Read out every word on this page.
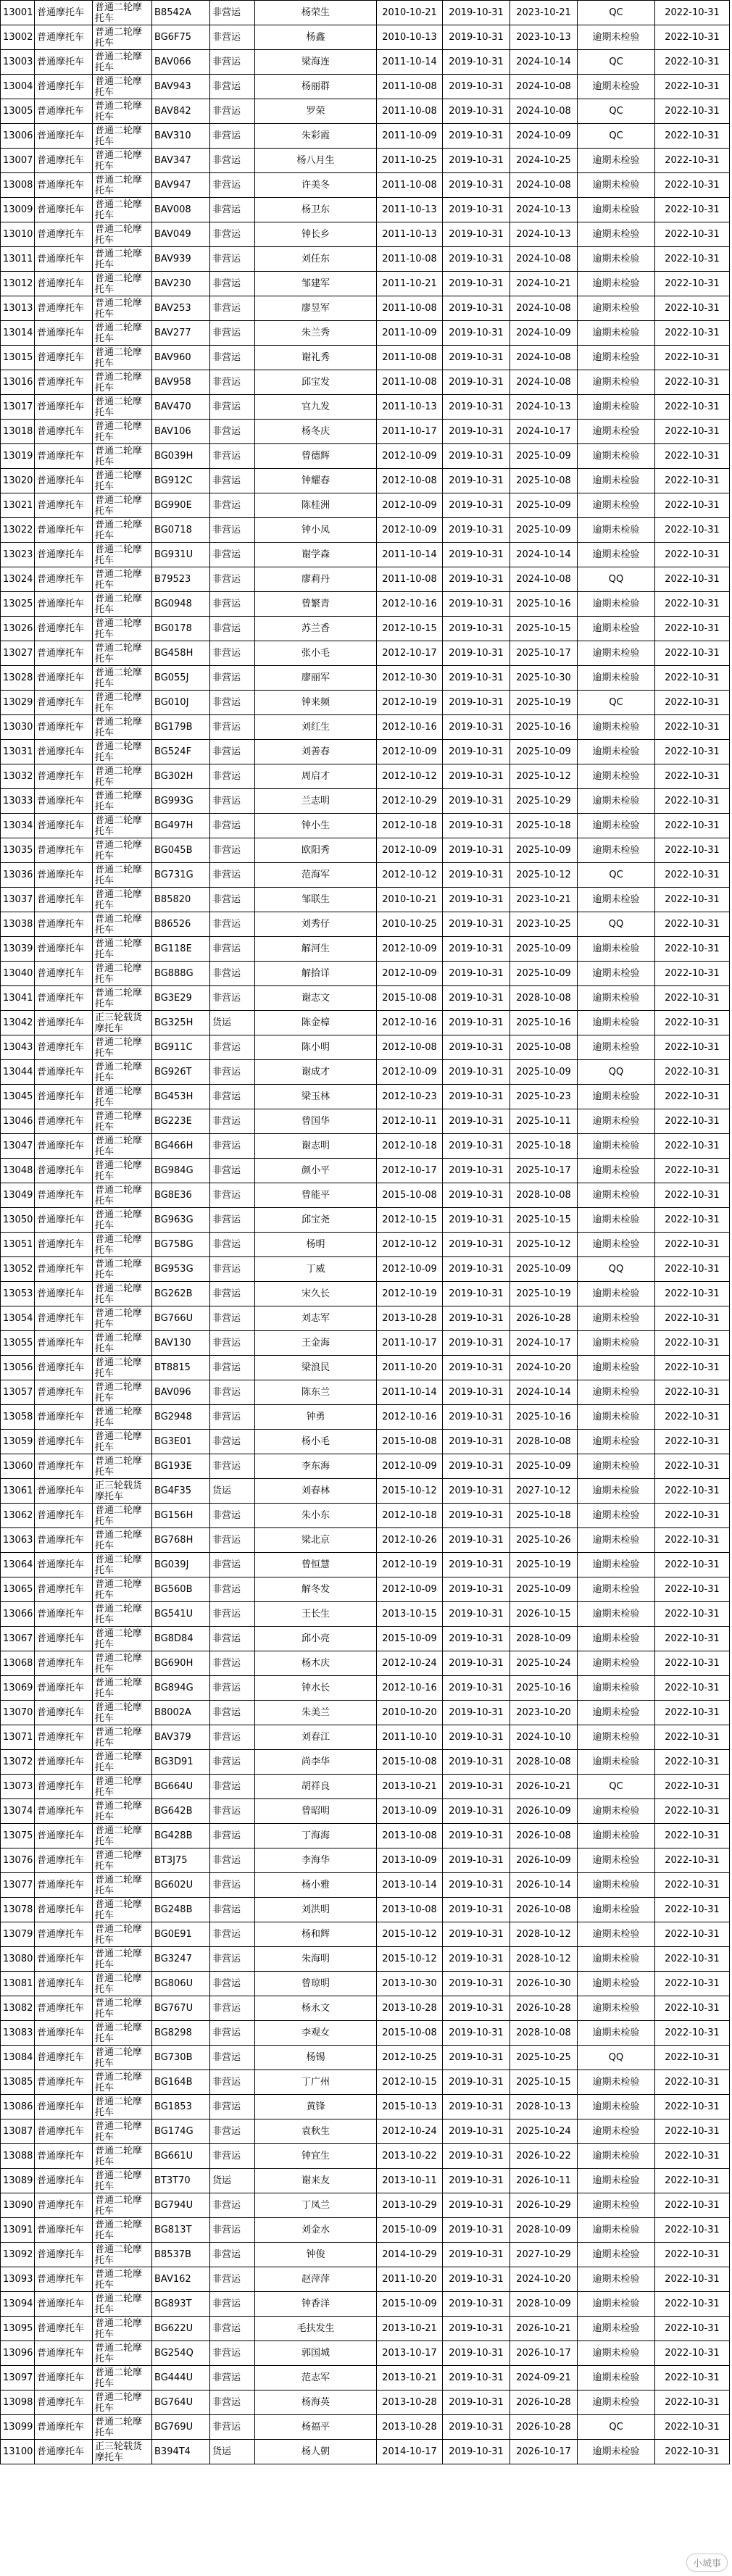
13001	普通摩托车	普通二轮摩托车	B8542A	非营运	杨荣生	2010-10-21	2019-10-31	2023-10-21	QC	2022-10-31
13002	普通摩托车	普通二轮摩托车	BG6F75	非营运	杨鑫	2010-10-13	2019-10-31	2023-10-13	逾期未检验	2022-10-31
13003	普通摩托车	普通二轮摩托车	BAV066	非营运	梁海连	2011-10-14	2019-10-31	2024-10-14	QC	2022-10-31
13004	普通摩托车	普通二轮摩托车	BAV943	非营运	杨丽群	2011-10-08	2019-10-31	2024-10-08	逾期未检验	2022-10-31
13005	普通摩托车	普通二轮摩托车	BAV842	非营运	罗荣	2011-10-08	2019-10-31	2024-10-08	QC	2022-10-31
13006	普通摩托车	普通二轮摩托车	BAV310	非营运	朱彩霞	2011-10-09	2019-10-31	2024-10-09	QC	2022-10-31
13007	普通摩托车	普通二轮摩托车	BAV347	非营运	杨八月生	2011-10-25	2019-10-31	2024-10-25	逾期未检验	2022-10-31
13008	普通摩托车	普通二轮摩托车	BAV947	非营运	许美冬	2011-10-08	2019-10-31	2024-10-08	逾期未检验	2022-10-31
13009	普通摩托车	普通二轮摩托车	BAV008	非营运	杨卫东	2011-10-13	2019-10-31	2024-10-13	逾期未检验	2022-10-31
13010	普通摩托车	普通二轮摩托车	BAV049	非营运	钟长乡	2011-10-13	2019-10-31	2024-10-13	逾期未检验	2022-10-31
13011	普通摩托车	普通二轮摩托车	BAV939	非营运	刘任东	2011-10-08	2019-10-31	2024-10-08	逾期未检验	2022-10-31
13012	普通摩托车	普通二轮摩托车	BAV230	非营运	邹建军	2011-10-21	2019-10-31	2024-10-21	逾期未检验	2022-10-31
13013	普通摩托车	普通二轮摩托车	BAV253	非营运	廖昱军	2011-10-08	2019-10-31	2024-10-08	逾期未检验	2022-10-31
13014	普通摩托车	普通二轮摩托车	BAV277	非营运	朱兰秀	2011-10-09	2019-10-31	2024-10-09	逾期未检验	2022-10-31
13015	普通摩托车	普通二轮摩托车	BAV960	非营运	谢礼秀	2011-10-08	2019-10-31	2024-10-08	逾期未检验	2022-10-31
13016	普通摩托车	普通二轮摩托车	BAV958	非营运	邱宝发	2011-10-08	2019-10-31	2024-10-08	逾期未检验	2022-10-31
13017	普通摩托车	普通二轮摩托车	BAV470	非营运	官九发	2011-10-13	2019-10-31	2024-10-13	逾期未检验	2022-10-31
13018	普通摩托车	普通二轮摩托车	BAV106	非营运	杨冬庆	2011-10-17	2019-10-31	2024-10-17	逾期未检验	2022-10-31
13019	普通摩托车	普通二轮摩托车	BG039H	非营运	曾德辉	2012-10-09	2019-10-31	2025-10-09	逾期未检验	2022-10-31
13020	普通摩托车	普通二轮摩托车	BG912C	非营运	钟耀春	2012-10-08	2019-10-31	2025-10-08	逾期未检验	2022-10-31
13021	普通摩托车	普通二轮摩托车	BG990E	非营运	陈桂洲	2012-10-09	2019-10-31	2025-10-09	逾期未检验	2022-10-31
13022	普通摩托车	普通二轮摩托车	BG0718	非营运	钟小凤	2012-10-09	2019-10-31	2025-10-09	逾期未检验	2022-10-31
13023	普通摩托车	普通二轮摩托车	BG931U	非营运	谢学森	2011-10-14	2019-10-31	2024-10-14	逾期未检验	2022-10-31
13024	普通摩托车	普通二轮摩托车	B79523	非营运	廖莉丹	2011-10-08	2019-10-31	2024-10-08	QQ	2022-10-31
13025	普通摩托车	普通二轮摩托车	BG0948	非营运	曾繁青	2012-10-16	2019-10-31	2025-10-16	逾期未检验	2022-10-31
13026	普通摩托车	普通二轮摩托车	BG0178	非营运	苏兰香	2012-10-15	2019-10-31	2025-10-15	逾期未检验	2022-10-31
13027	普通摩托车	普通二轮摩托车	BG458H	非营运	张小毛	2012-10-17	2019-10-31	2025-10-17	逾期未检验	2022-10-31
13028	普通摩托车	普通二轮摩托车	BG055J	非营运	廖丽军	2012-10-30	2019-10-31	2025-10-30	逾期未检验	2022-10-31
13029	普通摩托车	普通二轮摩托车	BG010J	非营运	钟来频	2012-10-19	2019-10-31	2025-10-19	QC	2022-10-31
13030	普通摩托车	普通二轮摩托车	BG179B	非营运	刘红生	2012-10-16	2019-10-31	2025-10-16	逾期未检验	2022-10-31
13031	普通摩托车	普通二轮摩托车	BG524F	非营运	刘善春	2012-10-09	2019-10-31	2025-10-09	逾期未检验	2022-10-31
13032	普通摩托车	普通二轮摩托车	BG302H	非营运	周启才	2012-10-12	2019-10-31	2025-10-12	逾期未检验	2022-10-31
13033	普通摩托车	普通二轮摩托车	BG993G	非营运	兰志明	2012-10-29	2019-10-31	2025-10-29	逾期未检验	2022-10-31
13034	普通摩托车	普通二轮摩托车	BG497H	非营运	钟小生	2012-10-18	2019-10-31	2025-10-18	逾期未检验	2022-10-31
13035	普通摩托车	普通二轮摩托车	BG045B	非营运	欧阳秀	2012-10-09	2019-10-31	2025-10-09	逾期未检验	2022-10-31
13036	普通摩托车	普通二轮摩托车	BG731G	非营运	范海军	2012-10-12	2019-10-31	2025-10-12	QC	2022-10-31
13037	普通摩托车	普通二轮摩托车	B85820	非营运	邹联生	2010-10-21	2019-10-31	2023-10-21	逾期未检验	2022-10-31
13038	普通摩托车	普通二轮摩托车	B86526	非营运	刘秀仔	2010-10-25	2019-10-31	2023-10-25	QQ	2022-10-31
13039	普通摩托车	普通二轮摩托车	BG118E	非营运	解河生	2012-10-09	2019-10-31	2025-10-09	逾期未检验	2022-10-31
13040	普通摩托车	普通二轮摩托车	BG888G	非营运	解拾详	2012-10-09	2019-10-31	2025-10-09	逾期未检验	2022-10-31
13041	普通摩托车	普通二轮摩托车	BG3E29	非营运	谢志文	2015-10-08	2019-10-31	2028-10-08	逾期未检验	2022-10-31
13042	普通摩托车	正三轮载货摩托车	BG325H	货运	陈金樟	2012-10-16	2019-10-31	2025-10-16	逾期未检验	2022-10-31
13043	普通摩托车	普通二轮摩托车	BG911C	非营运	陈小明	2012-10-08	2019-10-31	2025-10-08	逾期未检验	2022-10-31
13044	普通摩托车	普通二轮摩托车	BG926T	非营运	谢成才	2012-10-09	2019-10-31	2025-10-09	QQ	2022-10-31
13045	普通摩托车	普通二轮摩托车	BG453H	非营运	梁玉林	2012-10-23	2019-10-31	2025-10-23	逾期未检验	2022-10-31
13046	普通摩托车	普通二轮摩托车	BG223E	非营运	曾国华	2012-10-11	2019-10-31	2025-10-11	逾期未检验	2022-10-31
13047	普通摩托车	普通二轮摩托车	BG466H	非营运	谢志明	2012-10-18	2019-10-31	2025-10-18	逾期未检验	2022-10-31
13048	普通摩托车	普通二轮摩托车	BG984G	非营运	颜小平	2012-10-17	2019-10-31	2025-10-17	逾期未检验	2022-10-31
13049	普通摩托车	普通二轮摩托车	BG8E36	非营运	曾能平	2015-10-08	2019-10-31	2028-10-08	逾期未检验	2022-10-31
13050	普通摩托车	普通二轮摩托车	BG963G	非营运	邱宝尧	2012-10-15	2019-10-31	2025-10-15	逾期未检验	2022-10-31
13051	普通摩托车	普通二轮摩托车	BG758G	非营运	杨明	2012-10-12	2019-10-31	2025-10-12	逾期未检验	2022-10-31
13052	普通摩托车	普通二轮摩托车	BG953G	非营运	丁威	2012-10-09	2019-10-31	2025-10-09	QQ	2022-10-31
13053	普通摩托车	普通二轮摩托车	BG262B	非营运	宋久长	2012-10-19	2019-10-31	2025-10-19	逾期未检验	2022-10-31
13054	普通摩托车	普通二轮摩托车	BG766U	非营运	刘志军	2013-10-28	2019-10-31	2026-10-28	逾期未检验	2022-10-31
13055	普通摩托车	普通二轮摩托车	BAV130	非营运	王金海	2011-10-17	2019-10-31	2024-10-17	逾期未检验	2022-10-31
13056	普通摩托车	普通二轮摩托车	BT8815	非营运	梁浪民	2011-10-20	2019-10-31	2024-10-20	逾期未检验	2022-10-31
13057	普通摩托车	普通二轮摩托车	BAV096	非营运	陈东兰	2011-10-14	2019-10-31	2024-10-14	逾期未检验	2022-10-31
13058	普通摩托车	普通二轮摩托车	BG2948	非营运	钟勇	2012-10-16	2019-10-31	2025-10-16	逾期未检验	2022-10-31
13059	普通摩托车	普通二轮摩托车	BG3E01	非营运	杨小毛	2015-10-08	2019-10-31	2028-10-08	逾期未检验	2022-10-31
13060	普通摩托车	普通二轮摩托车	BG193E	非营运	李东海	2012-10-09	2019-10-31	2025-10-09	逾期未检验	2022-10-31
13061	普通摩托车	正三轮载货摩托车	BG4F35	货运	刘春林	2015-10-12	2019-10-31	2027-10-12	逾期未检验	2022-10-31
13062	普通摩托车	普通二轮摩托车	BG156H	非营运	朱小东	2012-10-18	2019-10-31	2025-10-18	逾期未检验	2022-10-31
13063	普通摩托车	普通二轮摩托车	BG768H	非营运	梁北京	2012-10-26	2019-10-31	2025-10-26	逾期未检验	2022-10-31
13064	普通摩托车	普通二轮摩托车	BG039J	非营运	曾恒慧	2012-10-19	2019-10-31	2025-10-19	逾期未检验	2022-10-31
13065	普通摩托车	普通二轮摩托车	BG560B	非营运	解冬发	2012-10-09	2019-10-31	2025-10-09	逾期未检验	2022-10-31
13066	普通摩托车	普通二轮摩托车	BG541U	非营运	王长生	2013-10-15	2019-10-31	2026-10-15	逾期未检验	2022-10-31
13067	普通摩托车	普通二轮摩托车	BG8D84	非营运	邱小亮	2015-10-09	2019-10-31	2028-10-09	逾期未检验	2022-10-31
13068	普通摩托车	普通二轮摩托车	BG690H	非营运	杨木庆	2012-10-24	2019-10-31	2025-10-24	逾期未检验	2022-10-31
13069	普通摩托车	普通二轮摩托车	BG894G	非营运	钟水长	2012-10-16	2019-10-31	2025-10-16	逾期未检验	2022-10-31
13070	普通摩托车	普通二轮摩托车	B8002A	非营运	朱美兰	2010-10-20	2019-10-31	2023-10-20	逾期未检验	2022-10-31
13071	普通摩托车	普通二轮摩托车	BAV379	非营运	刘春江	2011-10-10	2019-10-31	2024-10-10	逾期未检验	2022-10-31
13072	普通摩托车	普通二轮摩托车	BG3D91	非营运	尚李华	2015-10-08	2019-10-31	2028-10-08	逾期未检验	2022-10-31
13073	普通摩托车	普通二轮摩托车	BG664U	非营运	胡祥良	2013-10-21	2019-10-31	2026-10-21	QC	2022-10-31
13074	普通摩托车	普通二轮摩托车	BG642B	非营运	曾昭明	2013-10-09	2019-10-31	2026-10-09	逾期未检验	2022-10-31
13075	普通摩托车	普通二轮摩托车	BG428B	非营运	丁海海	2013-10-08	2019-10-31	2026-10-08	逾期未检验	2022-10-31
13076	普通摩托车	普通二轮摩托车	BT3J75	非营运	李海华	2013-10-09	2019-10-31	2026-10-09	逾期未检验	2022-10-31
13077	普通摩托车	普通二轮摩托车	BG602U	非营运	杨小雅	2013-10-14	2019-10-31	2026-10-14	逾期未检验	2022-10-31
13078	普通摩托车	普通二轮摩托车	BG248B	非营运	刘洪明	2013-10-08	2019-10-31	2026-10-08	逾期未检验	2022-10-31
13079	普通摩托车	普通二轮摩托车	BG0E91	非营运	杨和辉	2015-10-12	2019-10-31	2028-10-12	逾期未检验	2022-10-31
13080	普通摩托车	普通二轮摩托车	BG3247	非营运	朱海明	2015-10-12	2019-10-31	2028-10-12	逾期未检验	2022-10-31
13081	普通摩托车	普通二轮摩托车	BG806U	非营运	曾琼明	2013-10-30	2019-10-31	2026-10-30	逾期未检验	2022-10-31
13082	普通摩托车	普通二轮摩托车	BG767U	非营运	杨永文	2013-10-28	2019-10-31	2026-10-28	逾期未检验	2022-10-31
13083	普通摩托车	普通二轮摩托车	BG8298	非营运	李观女	2015-10-08	2019-10-31	2028-10-08	逾期未检验	2022-10-31
13084	普通摩托车	普通二轮摩托车	BG730B	非营运	杨锡	2012-10-25	2019-10-31	2025-10-25	QQ	2022-10-31
13085	普通摩托车	普通二轮摩托车	BG164B	非营运	丁广州	2012-10-15	2019-10-31	2025-10-15	逾期未检验	2022-10-31
13086	普通摩托车	普通二轮摩托车	BG1853	非营运	黄锋	2015-10-13	2019-10-31	2028-10-13	逾期未检验	2022-10-31
13087	普通摩托车	普通二轮摩托车	BG174G	非营运	袁秋生	2012-10-24	2019-10-31	2025-10-24	逾期未检验	2022-10-31
13088	普通摩托车	普通二轮摩托车	BG661U	非营运	钟宜生	2013-10-22	2019-10-31	2026-10-22	逾期未检验	2022-10-31
13089	普通摩托车	普通二轮摩托车	BT3T70	货运	谢来友	2013-10-11	2019-10-31	2026-10-11	逾期未检验	2022-10-31
13090	普通摩托车	普通二轮摩托车	BG794U	非营运	丁凤兰	2013-10-29	2019-10-31	2026-10-29	逾期未检验	2022-10-31
13091	普通摩托车	普通二轮摩托车	BG813T	非营运	刘金水	2015-10-09	2019-10-31	2028-10-09	逾期未检验	2022-10-31
13092	普通摩托车	普通二轮摩托车	B8537B	非营运	钟俊	2014-10-29	2019-10-31	2027-10-29	逾期未检验	2022-10-31
13093	普通摩托车	普通二轮摩托车	BAV162	非营运	赵萍萍	2011-10-20	2019-10-31	2024-10-20	逾期未检验	2022-10-31
13094	普通摩托车	普通二轮摩托车	BG893T	非营运	钟香洋	2015-10-09	2019-10-31	2028-10-09	逾期未检验	2022-10-31
13095	普通摩托车	普通二轮摩托车	BG622U	非营运	毛扶发生	2013-10-21	2019-10-31	2026-10-21	逾期未检验	2022-10-31
13096	普通摩托车	普通二轮摩托车	BG254Q	非营运	郭国城	2013-10-17	2019-10-31	2026-10-17	逾期未检验	2022-10-31
13097	普通摩托车	普通二轮摩托车	BG444U	非营运	范志军	2013-10-21	2019-10-31	2024-09-21	逾期未检验	2022-10-31
13098	普通摩托车	普通二轮摩托车	BG764U	非营运	杨海英	2013-10-28	2019-10-31	2026-10-28	逾期未检验	2022-10-31
13099	普通摩托车	普通二轮摩托车	BG769U	非营运	杨福平	2013-10-28	2019-10-31	2026-10-28	QC	2022-10-31
13100	普通摩托车	正三轮载货摩托车	B394T4	货运	杨人朝	2014-10-17	2019-10-31	2026-10-17	逾期未检验	2022-10-31
小城事
